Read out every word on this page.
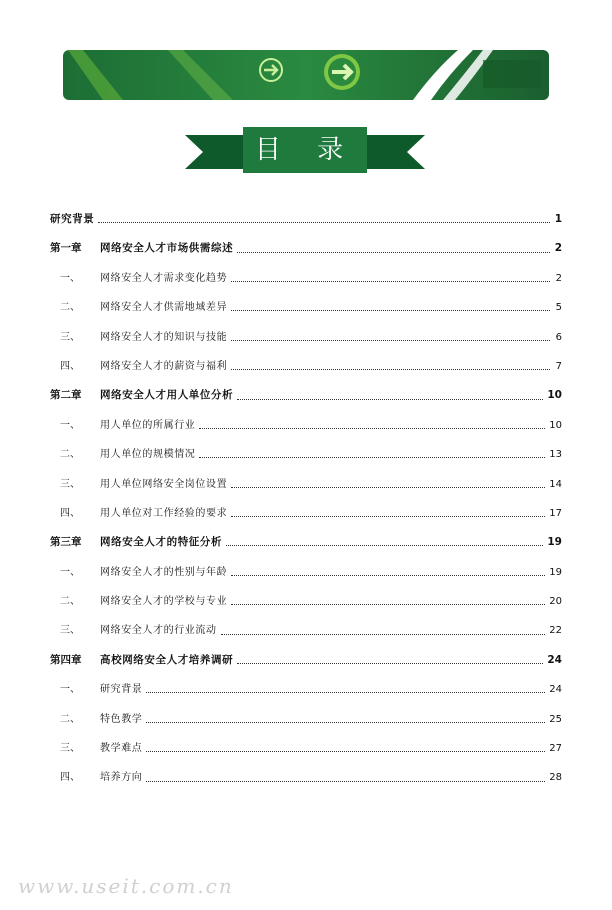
目 录
研究背景	1
第一章	网络安全人才市场供需综述	2
一、	网络安全人才需求变化趋势	2
二、	网络安全人才供需地域差异	5
三、	网络安全人才的知识与技能	6
四、	网络安全人才的薪资与福利	7
第二章	网络安全人才用人单位分析	10
一、	用人单位的所属行业	10
二、	用人单位的规模情况	13
三、	用人单位网络安全岗位设置	14
四、	用人单位对工作经验的要求	17
第三章	网络安全人才的特征分析	19
一、	网络安全人才的性别与年龄	19
二、	网络安全人才的学校与专业	20
三、	网络安全人才的行业流动	22
第四章	高校网络安全人才培养调研	24
一、	研究背景	24
二、	特色教学	25
三、	教学难点	27
四、	培养方向	28
www.useit.com.cn
